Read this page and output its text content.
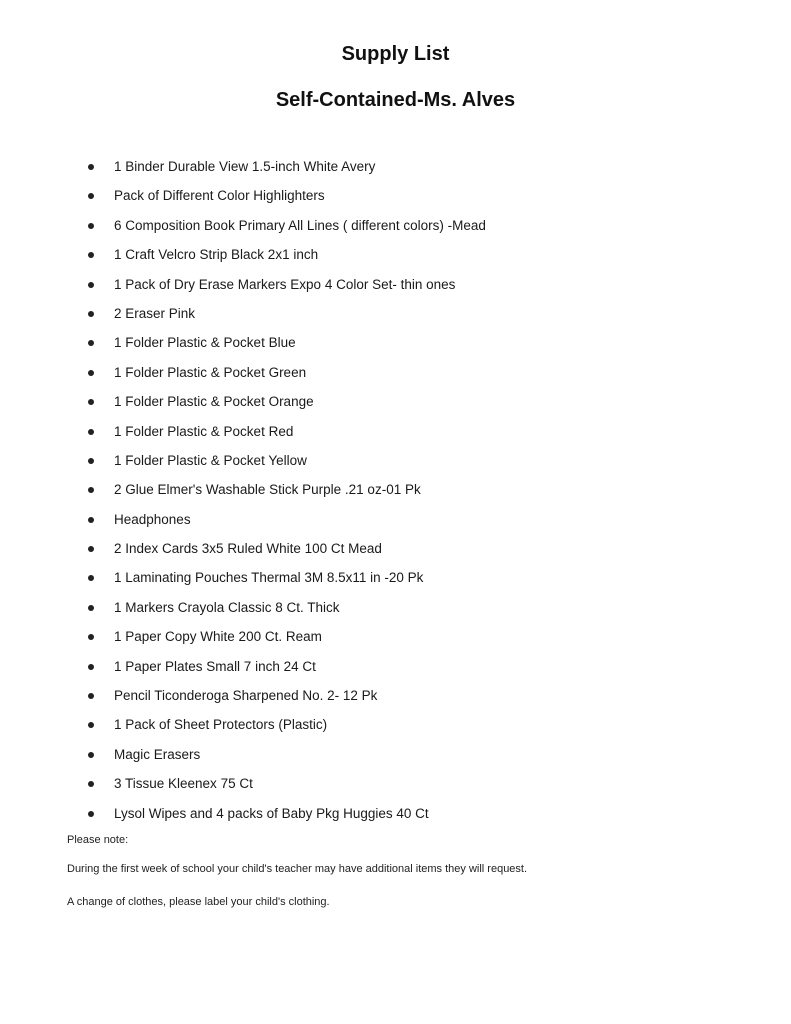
Supply List
Self-Contained-Ms. Alves
1 Binder Durable View 1.5-inch White Avery
Pack of Different Color Highlighters
6 Composition Book Primary All Lines ( different colors) -Mead
1 Craft Velcro Strip Black 2x1 inch
1 Pack of Dry Erase Markers Expo 4 Color Set- thin ones
2 Eraser Pink
1 Folder Plastic & Pocket Blue
1 Folder Plastic & Pocket Green
1 Folder Plastic & Pocket Orange
1 Folder Plastic & Pocket Red
1 Folder Plastic & Pocket Yellow
2 Glue Elmer's Washable Stick Purple .21 oz-01 Pk
Headphones
2 Index Cards 3x5 Ruled White 100 Ct Mead
1 Laminating Pouches Thermal 3M 8.5x11 in -20 Pk
1 Markers Crayola Classic 8 Ct. Thick
1 Paper Copy White 200 Ct. Ream
1 Paper Plates Small 7 inch 24 Ct
Pencil Ticonderoga Sharpened No. 2- 12 Pk
1 Pack of Sheet Protectors (Plastic)
Magic Erasers
3 Tissue Kleenex 75 Ct
Lysol Wipes and 4 packs of Baby Pkg Huggies 40 Ct
Please note:
During the first week of school your child's teacher may have additional items they will request.
A change of clothes, please label your child's clothing.
